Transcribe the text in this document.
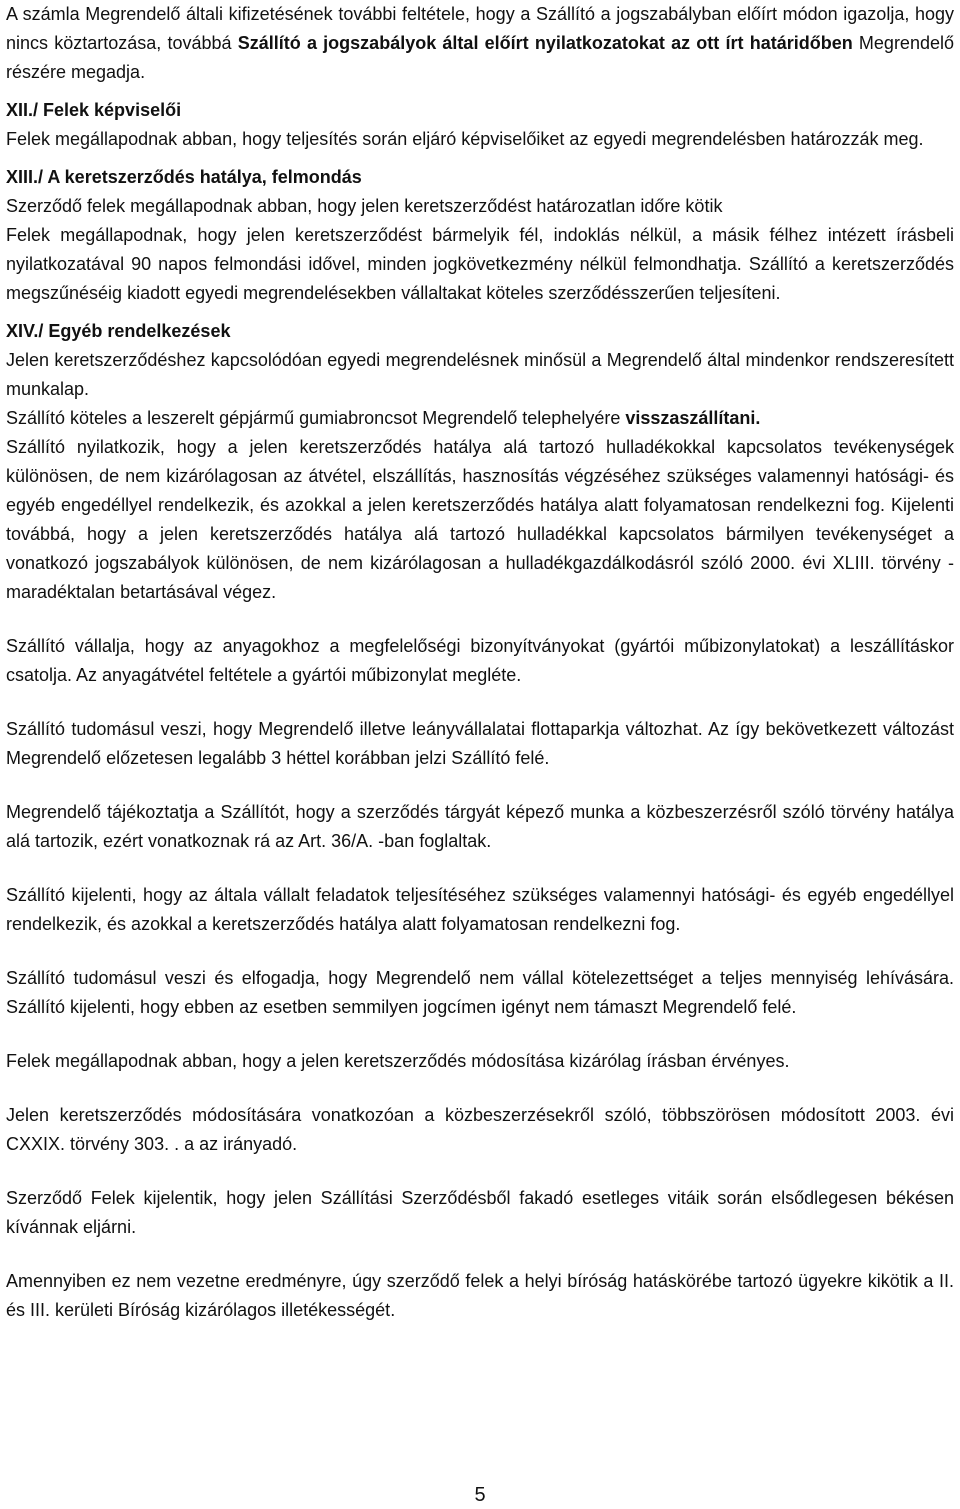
A számla Megrendelő általi kifizetésének további feltétele, hogy a Szállító a jogszabályban előírt módon igazolja, hogy nincs köztartozása, továbbá Szállító a jogszabályok által előírt nyilatkozatokat az ott írt határidőben Megrendelő részére megadja.

XII./ Felek képviselői

Felek megállapodnak abban, hogy teljesítés során eljáró képviselőiket az egyedi megrendelésben határozzák meg.

XIII./ A keretszerződés hatálya, felmondás

Szerződő felek megállapodnak abban, hogy jelen keretszerződést határozatlan időre kötik

Felek megállapodnak, hogy jelen keretszerződést bármelyik fél, indoklás nélkül, a másik félhez intézett írásbeli nyilatkozatával 90 napos felmondási idővel, minden jogkövetkezmény nélkül felmondhatja. Szállító a keretszerződés megszűnéséig kiadott egyedi megrendelésekben vállaltakat köteles szerződésszerűen teljesíteni.

XIV./ Egyéb rendelkezések

Jelen keretszerződéshez kapcsolódóan egyedi megrendelésnek minősül a Megrendelő által mindenkor rendszeresített munkalap.

Szállító köteles a leszerelt gépjármű gumiabroncsot Megrendelő telephelyére visszaszállítani.

Szállító nyilatkozik, hogy a jelen keretszerződés hatálya alá tartozó hulladékokkal kapcsolatos tevékenységek különösen, de nem kizárólagosan az átvétel, elszállítás, hasznosítás végzéséhez szükséges valamennyi hatósági- és egyéb engedéllyel rendelkezik, és azokkal a jelen keretszerződés hatálya alatt folyamatosan rendelkezni fog. Kijelenti továbbá, hogy a jelen keretszerződés hatálya alá tartozó hulladékkal kapcsolatos bármilyen tevékenységet a vonatkozó jogszabályok különösen, de nem kizárólagosan a hulladékgazdálkodásról szóló 2000. évi XLIII. törvény - maradéktalan betartásával végez.

Szállító vállalja, hogy az anyagokhoz a megfelelőségi bizonyítványokat (gyártói műbizonylatokat) a leszállításkor csatolja. Az anyagátvétel feltétele a gyártói műbizonylat megléte.

Szállító tudomásul veszi, hogy Megrendelő illetve leányvállalatai flottaparkja változhat. Az így bekövetkezett változást Megrendelő előzetesen legalább 3 héttel korábban jelzi Szállító felé.

Megrendelő tájékoztatja a Szállítót, hogy a szerződés tárgyát képező munka a közbeszerzésről szóló törvény hatálya alá tartozik, ezért vonatkoznak rá az Art. 36/A. -ban foglaltak.

Szállító kijelenti, hogy az általa vállalt feladatok teljesítéséhez szükséges valamennyi hatósági- és egyéb engedéllyel rendelkezik, és azokkal a keretszerződés hatálya alatt folyamatosan rendelkezni fog.

Szállító tudomásul veszi és elfogadja, hogy Megrendelő nem vállal kötelezettséget a teljes mennyiség lehívására. Szállító kijelenti, hogy ebben az esetben semmilyen jogcímen igényt nem támaszt Megrendelő felé.

Felek megállapodnak abban, hogy a jelen keretszerződés módosítása kizárólag írásban érvényes.

Jelen keretszerződés módosítására vonatkozóan a közbeszerzésekről szóló, többszörösen módosított 2003. évi CXXIX. törvény 303. . a az irányadó.

Szerződő Felek kijelentik, hogy jelen Szállítási Szerződésből fakadó esetleges vitáik során elsődlegesen békésen kívánnak eljárni.

Amennyiben ez nem vezetne eredményre, úgy szerződő felek a helyi bíróság hatáskörébe tartozó ügyekre kikötik a II. és III. kerületi Bíróság kizárólagos illetékességét.

5
